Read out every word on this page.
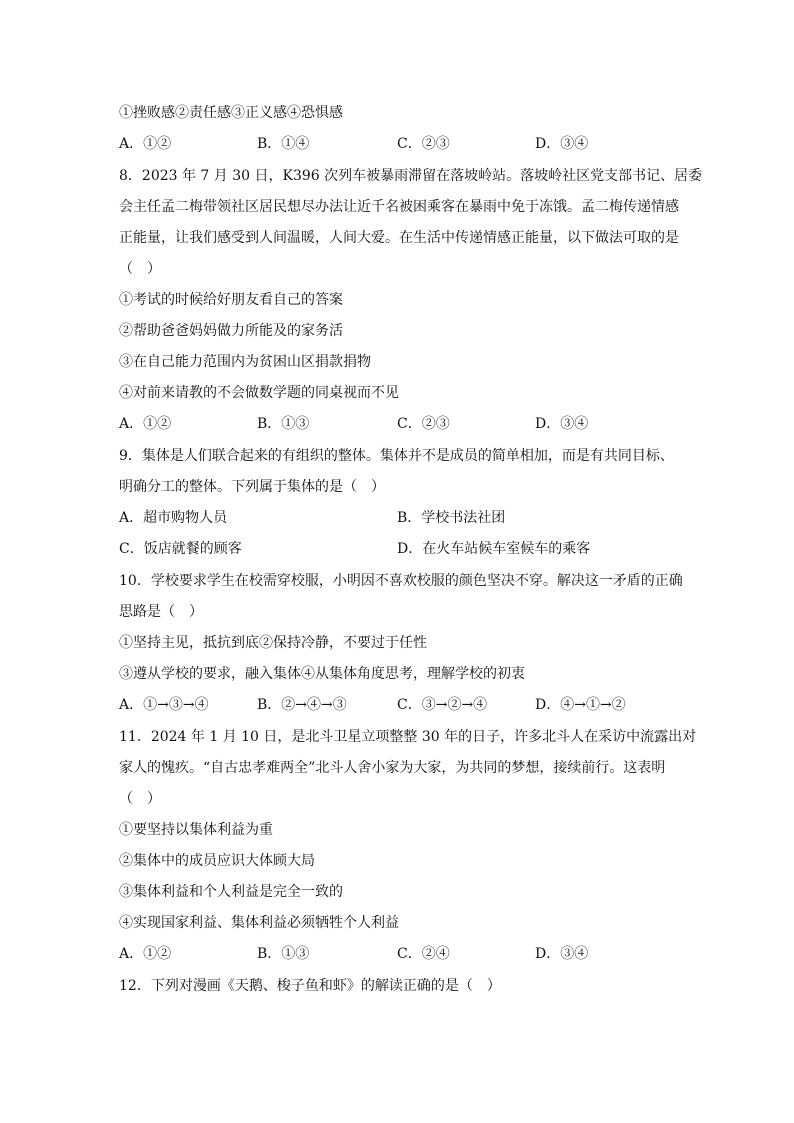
①挫败感②责任感③正义感④恐惧感
A．①②	B．①④	C．②③	D．③④
8．2023 年 7 月 30 日，K396 次列车被暴雨滞留在落坡岭站。落坡岭社区党支部书记、居委
会主任孟二梅带领社区居民想尽办法让近千名被困乘客在暴雨中免于冻饿。孟二梅传递情感
正能量，让我们感受到人间温暖，人间大爱。在生活中传递情感正能量，以下做法可取的是
（　）
①考试的时候给好朋友看自己的答案
②帮助爸爸妈妈做力所能及的家务活
③在自己能力范围内为贫困山区捐款捐物
④对前来请教的不会做数学题的同桌视而不见
A．①②	B．①③	C．②③	D．③④
9．集体是人们联合起来的有组织的整体。集体并不是成员的简单相加，而是有共同目标、
明确分工的整体。下列属于集体的是（　）
A．超市购物人员	B．学校书法社团
C．饭店就餐的顾客	D．在火车站候车室候车的乘客
10．学校要求学生在校需穿校服，小明因不喜欢校服的颜色坚决不穿。解决这一矛盾的正确
思路是（　）
①坚持主见，抵抗到底②保持冷静，不要过于任性
③遵从学校的要求，融入集体④从集体角度思考，理解学校的初衷
A．①→③→④	B．②→④→③	C．③→②→④	D．④→①→②
11．2024 年 1 月 10 日，是北斗卫星立项整整 30 年的日子，许多北斗人在采访中流露出对
家人的愧疚。“自古忠孝难两全”北斗人舍小家为大家，为共同的梦想，接续前行。这表明
（　）
①要坚持以集体利益为重
②集体中的成员应识大体顾大局
③集体利益和个人利益是完全一致的
④实现国家利益、集体利益必须牺牲个人利益
A．①②	B．①③	C．②④	D．③④
12．下列对漫画《天鹅、梭子鱼和虾》的解读正确的是（　）
